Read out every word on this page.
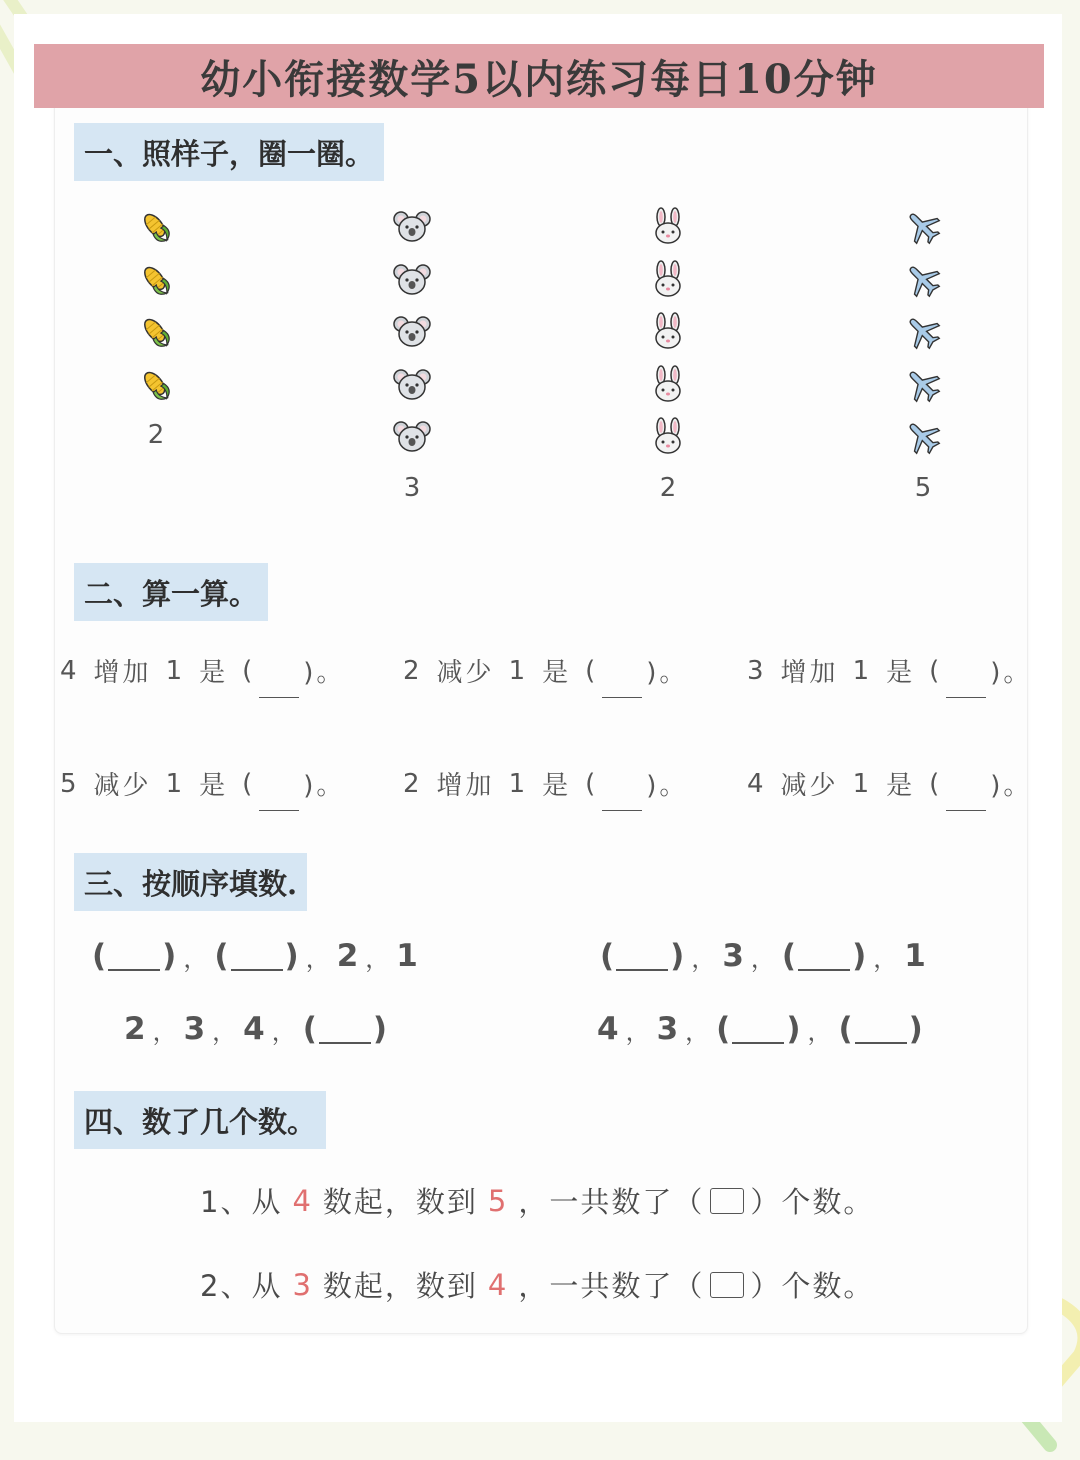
幼小衔接数学5以内练习每日10分钟
一、照样子，圈一圈。
2
3	2	5
二、算一算。
4 增加 1 是 ( )。 2 减少 1 是 ( )。 3 增加 1 是 ( )。
5 减少 1 是 ( )。 2 增加 1 是 ( )。 4 减少 1 是 ( )。
三、按顺序填数.
( ) ， ( ) ， 2 ， 1	( ) ， 3 ， ( ) ， 1
2 ， 3 ， 4 ， ( )	4 ， 3 ， ( ) ， ( )
四、数了几个数。
1、从 4 数起，数到 5 ，一共数了（ ）个数。
2、从 3 数起，数到 4 ，一共数了（ ）个数。
